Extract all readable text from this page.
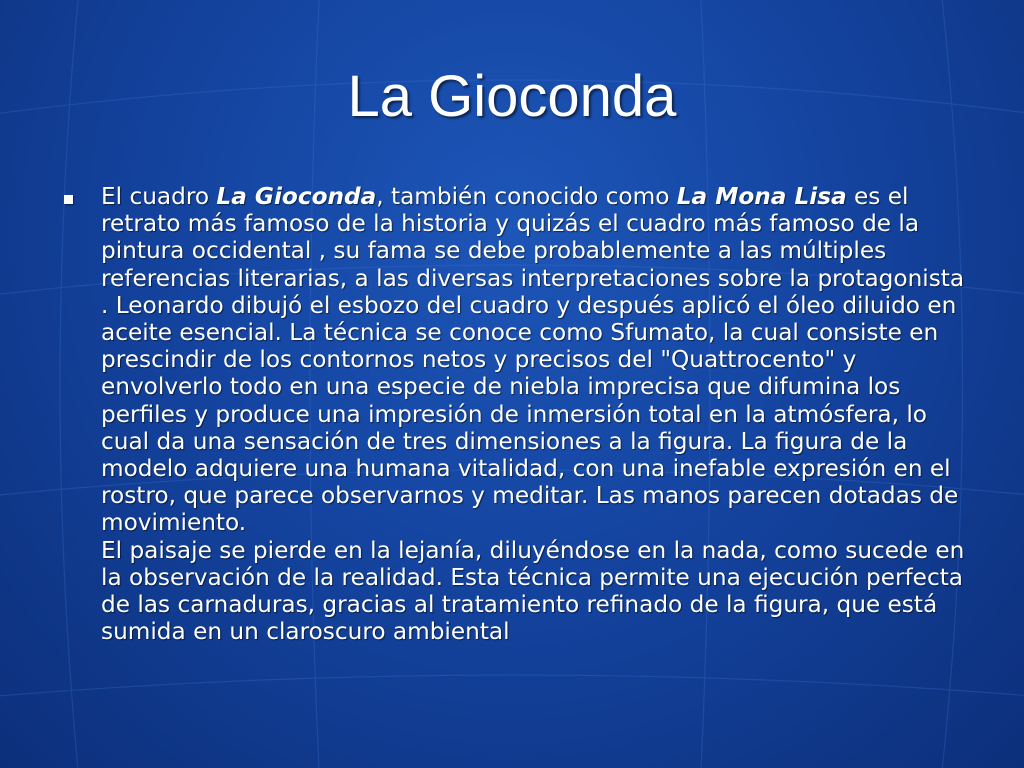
La Gioconda
El cuadro La Gioconda, también conocido como La Mona Lisa es el retrato más famoso de la historia y quizás el cuadro más famoso de la pintura occidental , su fama se debe probablemente a las múltiples referencias literarias, a las diversas interpretaciones sobre la protagonista . Leonardo dibujó el esbozo del cuadro y después aplicó el óleo diluido en aceite esencial. La técnica se conoce como Sfumato, la cual consiste en prescindir de los contornos netos y precisos del "Quattrocento" y envolverlo todo en una especie de niebla imprecisa que difumina los perfiles y produce una impresión de inmersión total en la atmósfera, lo cual da una sensación de tres dimensiones a la figura. La figura de la modelo adquiere una humana vitalidad, con una inefable expresión en el rostro, que parece observarnos y meditar. Las manos parecen dotadas de movimiento.
El paisaje se pierde en la lejanía, diluyéndose en la nada, como sucede en la observación de la realidad. Esta técnica permite una ejecución perfecta de las carnaduras, gracias al tratamiento refinado de la figura, que está sumida en un claroscuro ambiental
